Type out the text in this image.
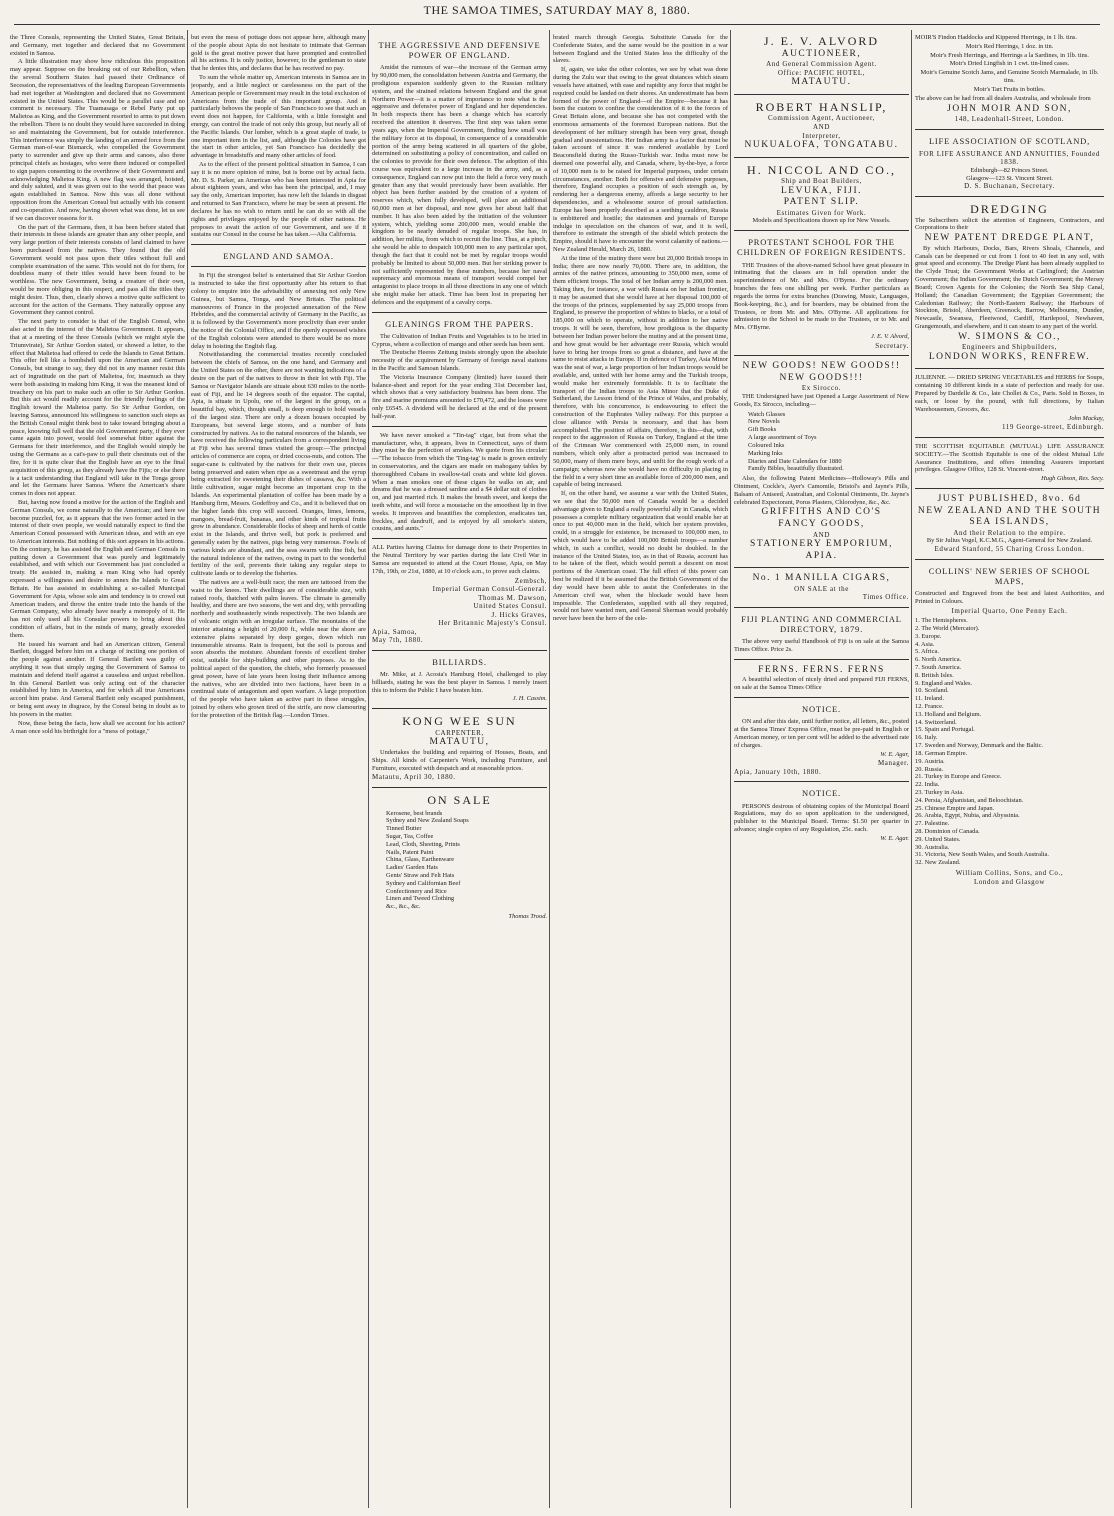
THE SAMOA TIMES, SATURDAY MAY 8, 1880.

the Three Consuls, representing the United States, Great Britain, and Germany, met together and declared that no Government existed in Samoa.

A little illustration may show how ridiculous this proposition may appear. Suppose on the breaking out of our Rebellion, when the several Southern States had passed their Ordinance of Secession, the representatives of the leading European Governments had met together at Washington and declared that no Government existed in the United States. This would be a parallel case and no comment is necessary. The Tuamasaga or Rebel Party put up Malietoa as King, and the Government resorted to arms to put down the rebellion. There is no doubt they would have succeeded in doing so and maintaining the Government, but for outside interference. This interference was simply the landing of an armed force from the German man-of-war Bismarck, who compelled the Government party to surrender and give up their arms and canoes, also three principal chiefs as hostages, who were there induced or compelled to sign papers consenting to the overthrow of their Government and acknowledging Malietoa King. A new flag was arranged, hoisted, and duly saluted, and it was given out to the world that peace was again established in Samoa. Now this was all done without opposition from the American Consul but actually with his consent and co-operation. And now, having shown what was done, let us see if we can discover reasons for it.

On the part of the Germans, then, it has been before stated that their interests in these islands are greater than any other people, and very large portion of their interests consists of land claimed to have been purchased from the natives. They found that the old Government would not pass upon their titles without full and complete examination of the same. This would not do for them, for doubtless many of their titles would have been found to be worthless. The new Government, being a creature of their own, would be more obliging in this respect, and pass all the titles they might desire. Thus, then, clearly shows a motive quite sufficient to account for the action of the Germans. They naturally oppose any Government they cannot control.

The next party to consider is that of the English Consul, who also acted in the interest of the Malietoa Government. It appears, that at a meeting of the three Consuls (which we might style the Triumvirate), Sir Arthur Gordon stated, or showed a letter, to the effect that Malietoa had offered to cede the Islands to Great Britain. This offer fell like a bombshell upon the American and German Consuls, but strange to say, they did not in any manner resist this act of ingratitude on the part of Malietoa, for, inasmuch as they were both assisting in making him King, it was the meanest kind of treachery on his part to make such an offer to Sir Arthur Gordon. But this act would readily account for the friendly feelings of the English toward the Malietoa party. So Sir Arthur Gordon, on leaving Samoa, announced his willingness to sanction such steps as the British Consul might think best to take toward bringing about a peace, knowing full well that the old Government party, if they ever came again into power, would feel somewhat bitter against the Germans for their interference, and the English would simply be using the Germans as a cat's-paw to pull their chestnuts out of the fire, for it is quite clear that the English have an eye to the final acquisition of this group, as they already have the Fijis; or else there is a tacit understanding that England will take in the Tonga group and let the Germans have Samoa. Where the American's share comes in does not appear.

But, having now found a motive for the action of the English and German Consuls, we come naturally to the American; and here we become puzzled, for, as it appears that the two former acted in the interest of their own people, we would naturally expect to find the American Consul possessed with American ideas, and with an eye to American interests. But nothing of this sort appears in his actions. On the contrary, he has assisted the English and German Consuls in putting down a Government that was purely and legitimately established, and with which our Government has just concluded a treaty. He assisted in, making a man King who had openly expressed a willingness and desire to annex the Islands to Great Britain. He has assisted in establishing a so-called Municipal Government for Apia, whose sole aim and tendency is to crowd out American traders, and throw the entire trade into the hands of the German Company, who already have nearly a monopoly of it. He has not only used all his Consular powers to bring about this condition of affairs, but in the minds of many, greatly exceeded them.

He issued his warrant and had an American citizen, General Bartlett, dragged before him on a charge of inciting one portion of the people against another. If General Bartlett was guilty of anything it was that simply urging the Government of Samoa to maintain and defend itself against a causeless and unjust rebellion. In this General Bartlett was only acting out of the character established by him in America, and for which all true Americans accord him praise. And General Bartlett only escaped punishment, or being sent away in disgrace, by the Consul being in doubt as to his powers in the matter.

Now, these being the facts, how shall we account for his action? A man once sold his birthright for a "mess of pottage,"

but even the mess of pottage does not appear here, although many of the people about Apia do not hesitate to intimate that German gold is the great motive power that have prompted and controlled all his actions. It is only justice, however, to the gentleman to state that he denies this, and declares that he has received no pay.

To sum the whole matter up, American interests in Samoa are in jeopardy, and a little neglect or carelessness on the part of the American people or Government may result in the total exclusion of Americans from the trade of this important group. And it particularly behoves the people of San Francisco to see that such an event does not happen, for California, with a little foresight and energy, can control the trade of not only this group, but nearly all of the Pacific Islands. Our lumber, which is a great staple of trade, is one important item in the list, and, although the Colonies have got the start in other articles, yet San Francisco has decidedly the advantage in breadstuffs and many other articles of food.

As to the effect of the present political situation in Samoa, I can say it is no mere opinion of mine, but is borne out by actual facts. Mr. D. S. Parker, an American who has been interested in Apia for about eighteen years, and who has been the principal, and, I may say the only, American importer, has now left the Islands in disgust and returned to San Francisco, where he may be seen at present. He declares he has no wish to return until he can do so with all the rights and privileges enjoyed by the people of other nations. He proposes to await the action of our Government, and see if it sustains our Consul in the course he has taken.—Alta California.

ENGLAND AND SAMOA.

In Fiji the strongest belief is entertained that Sir Arthur Gordon is instructed to take the first opportunity after his return to that colony to enquire into the advisability of annexing not only New Guinea, but Samoa, Tonga, and New Britain. The political manoeuvres of France in the projected annexation of the New Hebrides, and the commercial activity of Germany in the Pacific, as it is followed by the Government's more proclivity than ever under the notice of the Colonial Office, and if the openly expressed wishes of the English colonists were attended to there would be no more delay in hoisting the English flag.

Notwithstanding the commercial treaties recently concluded between the chiefs of Samoa, on the one hand, and Germany and the United States on the other, there are not wanting indications of a desire on the part of the natives to throw in their lot with Fiji. The Samoa or Navigator Islands are situate about 630 miles to the north-east of Fiji, and lie 14 degrees south of the equator. The capital, Apia, is situate in Upolu, one of the largest in the group, on a beautiful bay, which, though small, is deep enough to hold vessels of the largest size. There are only a dozen houses occupied by Europeans, but several large stores, and a number of huts constructed by natives. As to the natural resources of the Islands, we have received the following particulars from a correspondent living at Fiji who has several times visited the group:—The principal articles of commerce are copra, or dried cocoa-nuts, and cotton. The sugar-cane is cultivated by the natives for their own use, pieces being preserved and eaten when ripe as a sweetmeat and the syrup being extracted for sweetening their dishes of cassava, &c. With a little cultivation, sugar might become an important crop in the Islands. An experimental plantation of coffee has been made by a Hamburg firm, Messrs. Godeffroy and Co., and it is believed that on the higher lands this crop will succeed. Oranges, limes, lemons, mangoes, bread-fruit, bananas, and other kinds of tropical fruits grow in abundance. Considerable flocks of sheep and herds of cattle exist in the Islands, and thrive well, but pork is preferred and generally eaten by the natives, pigs being very numerous. Fowls of various kinds are abundant, and the seas swarm with fine fish, but the natural indolence of the natives, owing in part to the wonderful fertility of the soil, prevents their taking any regular steps to cultivate lands or to develop the fisheries.

The natives are a well-built race; the men are tattooed from the waist to the knees. Their dwellings are of considerable size, with raised roofs, thatched with palm leaves. The climate is generally healthy, and there are two seasons, the wet and dry, with prevailing northerly and southeasterly winds respectively. The two Islands are of volcanic origin with an irregular surface. The mountains of the interior attaining a height of 20,000 ft., while near the shore are extensive plains separated by deep gorges, down which run innumerable streams. Rain is frequent, but the soil is porous and soon absorbs the moisture. Abundant forests of excellent timber exist, suitable for ship-building and other purposes. As to the political aspect of the question, the chiefs, who formerly possessed great power, have of late years been losing their influence among the natives, who are divided into two factions, have been in a continual state of antagonism and open warfare. A large proportion of the people who have taken an active part in these struggles, joined by others who grown tired of the strife, are now clamouring for the protection of the British flag.—London Times.

THE AGGRESSIVE AND DEFENSIVE POWER OF ENGLAND.

Amidst the rumours of war—the increase of the German army by 90,000 men, the consolidation between Austria and Germany, the prodigious expansion suddenly given to the Russian military system, and the strained relations between England and the great Northern Power—it is a matter of importance to note what is the aggressive and defensive power of England and her dependencies. In both respects there has been a change which has scarcely received the attention it deserves. The first step was taken some years ago, when the Imperial Government, finding how small was the military force at its disposal, in consequence of a considerable portion of the army being scattered in all quarters of the globe, determined on substituting a policy of concentration, and called on the colonies to provide for their own defence. The adoption of this course was equivalent to a large increase in the army, and, as a consequence, England can now put into the field a force very much greater than any that would previously have been available. Her object has been further assisted by the creation of a system of reserves which, when fully developed, will place an additional 60,000 men at her disposal, and now gives her about half that number. It has also been aided by the initiation of the volunteer system, which, yielding some 200,000 men, would enable the kingdom to be nearly denuded of regular troops. She has, in addition, her militia, from which to recruit the line. Thus, at a pinch, she would be able to despatch 100,000 men to any particular spot, though the fact that it could not be met by regular troops would probably be limited to about 50,000 men. But her striking power is not sufficiently represented by these numbers, because her naval supremacy and enormous means of transport would compel her antagonist to place troops in all those directions in any one of which she might make her attack. Time has been lost in preparing her defences and the equipment of a cavalry corps.

GLEANINGS FROM THE PAPERS.

The Cultivation of Indian Fruits and Vegetables is to be tried in Cyprus, where a collection of mango and other seeds has been sent.

The Deutsche Heeres Zeitung insists strongly upon the absolute necessity of the acquirement by Germany of foreign naval stations in the Pacific and Samoan Islands.

The Victoria Insurance Company (limited) have issued their balance-sheet and report for the year ending 31st December last, which shows that a very satisfactory business has been done. The fire and marine premiums amounted to £70,472, and the losses were only £6545. A dividend will be declared at the end of the present half-year.

We have never smoked a "Tin-tag" cigar, but from what the manufacturer, who, it appears, lives in Connecticut, says of them they must be the perfection of smokes. We quote from his circular:—"The tobacco from which the 'Ting-tag' is made is grown entirely in conservatories, and the cigars are made on mahogany tables by thoroughbred Cubans in swallow-tail coats and white kid gloves. When a man smokes one of these cigars he walks on air, and dreams that he was a dressed sardine and a $4 dollar suit of clothes on, and just married rich. It makes the breath sweet, and keeps the teeth white, and will force a moustache on the smoothest lip in five weeks. It improves and beautifies the complexion, eradicates tan, freckles, and dandruff, and is enjoyed by all smoker's sisters, cousins, and aunts."

ALL Parties having Claims for damage done to their Properties in the Neutral Territory by war parties during the late Civil War in Samoa are requested to attend at the Court House, Apia, on May 17th, 19th, or 21st, 1880, at 10 o'clock a.m., to prove such claims.

Zembsch,
Imperial German Consul-General.
Thomas M. Dawson,
United States Consul.
J. Hicks Graves,
Her Britannic Majesty's Consul.
Apia, Samoa,
May 7th, 1880.
BILLIARDS.

Mr. Mike, at J. Acosta's Hamburg Hotel, challenged to play billiards, stating he was the best player in Samoa. I merely insert this to inform the Public I have beaten him.

J. H. Cassim.
KONG WEE SUN
CARPENTER,
MATAUTU,

Undertakes the building and repairing of Houses, Boats, and Ships. All kinds of Carpenter's Work, including Furniture, and Furniture, executed with despatch and at reasonable prices.

Matautu, April 30, 1880.
ON SALE
Kerosene, best brands
Sydney and New Zealand Soaps
Tinned Butter
Sugar, Tea, Coffee
Lead, Cloth, Sheeting, Prints
Nails, Patent Paint
China, Glass, Earthenware
Ladies' Garden Hats
Gents' Straw and Felt Hats
Sydney and Californian Beef
Confectionery and Rice
Linen and Tweed Clothing
&c., &c., &c.
Thomas Trood.

brated march through Georgia. Substitute Canada for the Confederate States, and the same would be the position in a war between England and the United States less the difficulty of the slaves.

If, again, we take the other colonies, we see by what was done during the Zulu war that owing to the great distances which steam vessels have attained, with ease and rapidity any force that might be required could be landed on their shores. An underestimate has been formed of the power of England—of the Empire—because it has been the custom to confine the consideration of it to the forces of Great Britain alone, and because she has not competed with the enormous armaments of the foremost European nations. But the development of her military strength has been very great, though gradual and unostentatious. Her Indian army is a factor that must be taken account of since it was rendered available by Lord Beaconsfield during the Russo-Turkish war. India must now be deemed one powerful ally, and Canada, where, by-the-bye, a force of 10,000 men is to be raised for Imperial purposes, under certain circumstances, another. Both for offensive and defensive purposes, therefore, England occupies a position of such strength as, by rendering her a dangerous enemy, affords a large security to her dependencies, and a wholesome source of proud satisfaction. Europe has been properly described as a seething cauldron, Russia is embittered and hostile; the statesmen and journals of Europe indulge in speculation on the chances of war, and it is well, therefore to estimate the strength of the shield which protects the Empire, should it have to encounter the worst calamity of nations.—New Zealand Herald, March 26, 1880.

At the time of the mutiny there were but 20,000 British troops in India; there are now nearly 70,000. There are, in addition, the armies of the native princes, amounting to 350,000 men, some of them efficient troops. The total of her Indian army is 200,000 men. Taking then, for instance, a war with Russia on her Indian frontier, it may be assumed that she would have at her disposal 100,000 of the troops of the princes, supplemented by say 25,000 troops from England, to preserve the proportion of whites to blacks, or a total of 185,000 on which to operate, without in addition to her native troops. It will be seen, therefore, how prodigious is the disparity between her Indian power before the mutiny and at the present time, and how great would be her advantage over Russia, which would have to bring her troops from so great a distance, and have at the same to resist attacks in Europe. If in defence of Turkey, Asia Minor was the seat of war, a large proportion of her Indian troops would be available, and, united with her home army and the Turkish troops, would make her extremely formidable. It is to facilitate the transport of the Indian troops to Asia Minor that the Duke of Sutherland, the Lesson friend of the Prince of Wales, and probably, therefore, with his concurrence, is endeavouring to effect the construction of the Euphrates Valley railway. For this purpose a close alliance with Persia is necessary, and that has been accomplished. The position of affairs, therefore, is this—that, with respect to the aggression of Russia on Turkey, England at the time of the Crimean War commenced with 25,000 men, in round numbers, which only after a protracted period was increased to 50,000, many of them mere boys, and unfit for the rough work of a campaign; whereas now she would have no difficulty in placing in the field in a very short time an available force of 200,000 men, and capable of being increased.

If, on the other hand, we assume a war with the United States, we see that the 50,000 men of Canada would be a decided advantage given to England a really powerful ally in Canada, which possesses a complete military organization that would enable her at once to put 40,000 men in the field, which her system provides, could, in a struggle for existence, be increased to 100,000 men, to which would have to be added 100,000 British troops—a number which, in such a conflict, would no doubt be doubled. In the instance of the United States, too, as in that of Russia, account has to be taken of the fleet, which would permit a descent on most portions of the American coast. The full effect of this power can best be realized if it be assumed that the British Government of the day would have been able to assist the Confederates in the American civil war, when the blockade would have been impossible. The Confederates, supplied with all they required, would not have wanted men, and General Sherman would probably never have been the hero of the cele-

J. E. V. ALVORD
AUCTIONEER,
And General Commission Agent.
Office: PACIFIC HOTEL,
MATAUTU.
ROBERT HANSLIP,
Commission Agent, Auctioneer,
AND
Interpreter,
NUKUALOFA, TONGATABU.
H. NICCOL AND CO.,
Ship and Boat Builders,
LEVUKA, FIJI.
PATENT SLIP.
Estimates Given for Work.
Models and Specifications drawn up for New Vessels.
PROTESTANT SCHOOL FOR THE CHILDREN OF FOREIGN RESIDENTS.

THE Trustees of the above-named School have great pleasure in intimating that the classes are in full operation under the superintendence of Mr. and Mrs. O'Byrne. For the ordinary branches the fees one shilling per week. Further particulars as regards the terms for extra branches (Drawing, Music, Languages, Book-keeping, &c.), and for boarders, may be obtained from the Trustees, or from Mr. and Mrs. O'Byrne. All applications for admission to the School to be made to the Trustees, or to Mr. and Mrs. O'Byrne.

J. E. V. Alvord,
Secretary.
NEW GOODS! NEW GOODS!!
NEW GOODS!!!
Ex Sirocco.

THE Undersigned have just Opened a Large Assortment of New Goods, Ex Sirocco, including—

Watch Glasses
New Novels
Gift Books
A large assortment of Toys
Coloured Inks
Marking Inks
Diaries and Date Calendars for 1880
Family Bibles, beautifully illustrated.

Also, the following Patent Medicines—Holloway's Pills and Ointment, Cockle's, Ayer's Camomile, Bristol's and Jayne's Pills, Balsam of Aniseed, Australian, and Colonial Ointments, Dr. Jayne's celebrated Expectorant, Porus Plasters, Chlorodyne, &c., &c.

GRIFFITHS AND CO'S
FANCY GOODS,
AND
STATIONERY EMPORIUM,
APIA.
No. 1 MANILLA CIGARS,
ON SALE at the
Times Office.
FIJI PLANTING AND COMMERCIAL DIRECTORY, 1879.

The above very useful Handbook of Fiji is on sale at the Samoa Times Office. Price 2s.

FERNS. FERNS. FERNS

A beautiful selection of nicely dried and prepared FIJI FERNS, on sale at the Samoa Times Office

NOTICE.

ON and after this date, until further notice, all letters, &c., posted at the Samoa Times' Express Office, must be pre-paid in English or American money, or ten per cent will be added to the advertised rate of charges.

W. E. Agar,
Manager.
Apia, January 10th, 1880.
NOTICE.

PERSONS desirous of obtaining copies of the Municipal Board Regulations, may do so upon application to the undersigned, publisher to the Municipal Board. Terms: $1.50 per quarter in advance; single copies of any Regulation, 25c. each.

W. E. Agar.

MOIR'S Findon Haddocks and Kippered Herrings, in 1 lb. tins.

Moir's Red Herrings, 1 doz. in tin.

Moir's Fresh Herrings, and Herrings a la Sardines, in 1lb. tins.

Moir's Dried Lingfish in 1 cwt. tin-lined cases.

Moir's Genuine Scotch Jams, and Genuine Scotch Marmalade, in 1lb. tins.

Moir's Tart Fruits in bottles.

The above can be had from all dealers Australia, and wholesale from

JOHN MOIR AND SON,
148, Leadenhall-Street, London.
LIFE ASSOCIATION OF SCOTLAND,
FOR LIFE ASSURANCE AND ANNUITIES, Founded 1838.
Edinburgh—82 Princes Street.
Glasgow—123 St. Vincent Street.
D. S. Buchanan, Secretary.
DREDGING

The Subscribers solicit the attention of Engineers, Contractors, and Corporations to their

NEW PATENT DREDGE PLANT,

By which Harbours, Docks, Bars, Rivers Shoals, Channels, and Canals can be deepened or cut from 1 foot to 40 feet in any soil, with great speed and economy. The Dredge Plant has been already supplied to the Clyde Trust; the Government Works at Carlingford; the Austrian Government; the Indian Government; the Dutch Government; the Mersey Board; Crown Agents for the Colonies; the North Sea Ship Canal, Holland; the Canadian Government; the Egyptian Government; the Caledonian Railway; the North-Eastern Railway; the Harbours of Stockton, Bristol, Aberdeen, Greenock, Barrow, Melbourne, Dundee, Newcastle, Swansea, Fleetwood, Cardiff, Hartlepool, Newhaven, Grangemouth, and elsewhere, and it can steam to any part of the world.

W. SIMONS & CO.,
Engineers and Shipbuilders,
LONDON WORKS, RENFREW.

JULIENNE. — DRIED SPRING VEGETABLES and HERBS for Soups, containing 10 different kinds in a state of perfection and ready for use. Prepared by Dardelle & Co., late Chollet & Co., Paris. Sold in Boxes, in each, or loose by the pound, with full directions, by Italian Warehousemen, Grocers, &c.

John Mackay,
119 George-street, Edinburgh.

THE SCOTTISH EQUITABLE (MUTUAL) LIFE ASSURANCE SOCIETY.—The Scottish Equitable is one of the oldest Mutual Life Assurance Institutions, and offers intending Assurers important privileges. Glasgow Office, 128 St. Vincent-street.

Hugh Gibson, Res. Secy.
JUST PUBLISHED, 8vo. 6d
NEW ZEALAND AND THE SOUTH SEA ISLANDS,
And their Relation to the empire.
By Sir Julius Vogel, K.C.M.G., Agent-General for New Zealand.
Edward Stanford, 55 Charing Cross London.
COLLINS' NEW SERIES OF SCHOOL MAPS,

Constructed and Engraved from the best and latest Authorities, and Printed in Colours.

Imperial Quarto, One Penny Each.
1. The Hemispheres.
2. The World (Mercator).
3. Europe.
4. Asia.
5. Africa.
6. North America.
7. South America.
8. British Isles.
9. England and Wales.
10. Scotland.
11. Ireland.
12. France.
13. Holland and Belgium.
14. Switzerland.
15. Spain and Portugal.
16. Italy.
17. Sweden and Norway, Denmark and the Baltic.
18. German Empire.
19. Austria.
20. Russia.
21. Turkey in Europe and Greece.
22. India.
23. Turkey in Asia.
24. Persia, Afghanistan, and Beloochistan.
25. Chinese Empire and Japan.
26. Arabia, Egypt, Nubia, and Abyssinia.
27. Palestine.
28. Dominion of Canada.
29. United States.
30. Australia.
31. Victoria, New South Wales, and South Australia.
32. New Zealand.
William Collins, Sons, and Co.,
London and Glasgow
